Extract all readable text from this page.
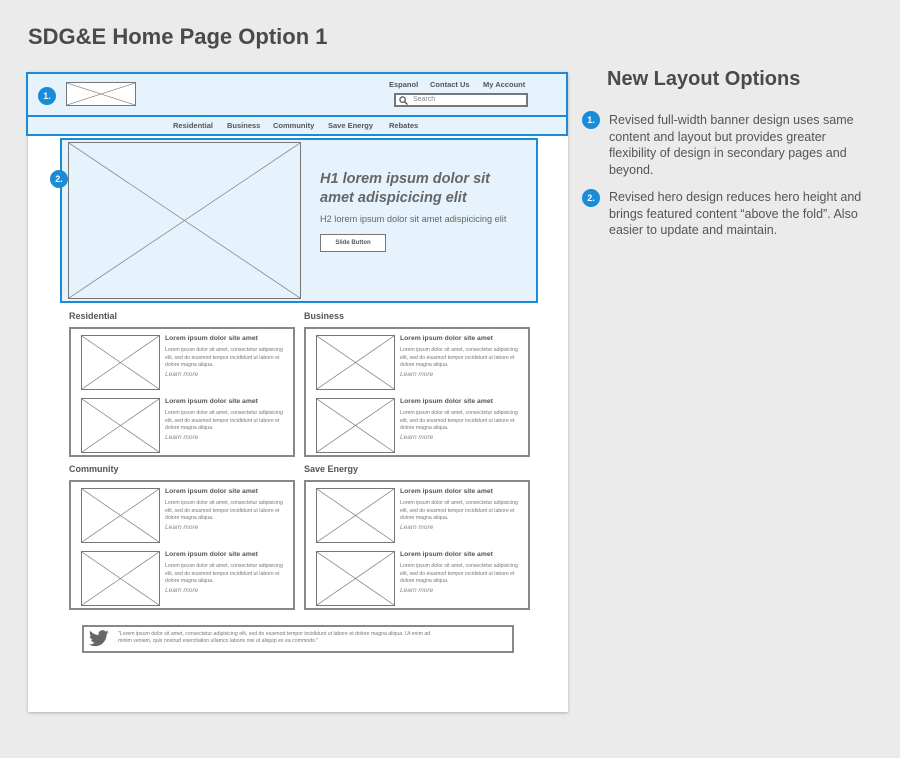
SDG&E Home Page Option 1
1.
Espanol Contact Us My Account
Search
Residential Business Community Save Energy Rebates
H1 lorem ipsum dolor sit amet adispicicing elit
H2 lorem ipsum dolor sit amet adispicicing elit
Slide Button
2.
Residential
Lorem ipsum dolor site amet
Lorem ipsum dolor sit amet, consectetur adipisicing elit, sed do eiusmod tempor incididunt ut labore et dolore magna aliqua.
Learn more
Lorem ipsum dolor site amet
Lorem ipsum dolor sit amet, consectetur adipisicing elit, sed do eiusmod tempor incididunt ut labore et dolore magna aliqua.
Learn more
Business
Lorem ipsum dolor site amet
Lorem ipsum dolor sit amet, consectetur adipisicing elit, sed do eiusmod tempor incididunt ut labore et dolore magna aliqua.
Learn more
Lorem ipsum dolor site amet
Lorem ipsum dolor sit amet, consectetur adipisicing elit, sed do eiusmod tempor incididunt ut labore et dolore magna aliqua.
Learn more
Community
Lorem ipsum dolor site amet
Lorem ipsum dolor sit amet, consectetur adipisicing elit, sed do eiusmod tempor incididunt ut labore et dolore magna aliqua.
Learn more
Lorem ipsum dolor site amet
Lorem ipsum dolor sit amet, consectetur adipisicing elit, sed do eiusmod tempor incididunt ut labore et dolore magna aliqua.
Learn more
Save Energy
Lorem ipsum dolor site amet
Lorem ipsum dolor sit amet, consectetur adipisicing elit, sed do eiusmod tempor incididunt ut labore et dolore magna aliqua.
Learn more
Lorem ipsum dolor site amet
Lorem ipsum dolor sit amet, consectetur adipisicing elit, sed do eiusmod tempor incididunt ut labore et dolore magna aliqua.
Learn more
"Lorem ipsum dolor sit amet, consectetur adipisicing elit, sed do eiusmod tempor incididunt ut labore et dolore magna aliqua. Ut enim ad minim veniam, quis nostrud exercitation ullamco laboris nisi ut aliquip ex ea commodo."
New Layout Options
1.	Revised full-width banner design uses same content and layout but provides greater flexibility of design in secondary pages and beyond.
2.	Revised hero design reduces hero height and brings featured content “above the fold”. Also easier to update and maintain.
